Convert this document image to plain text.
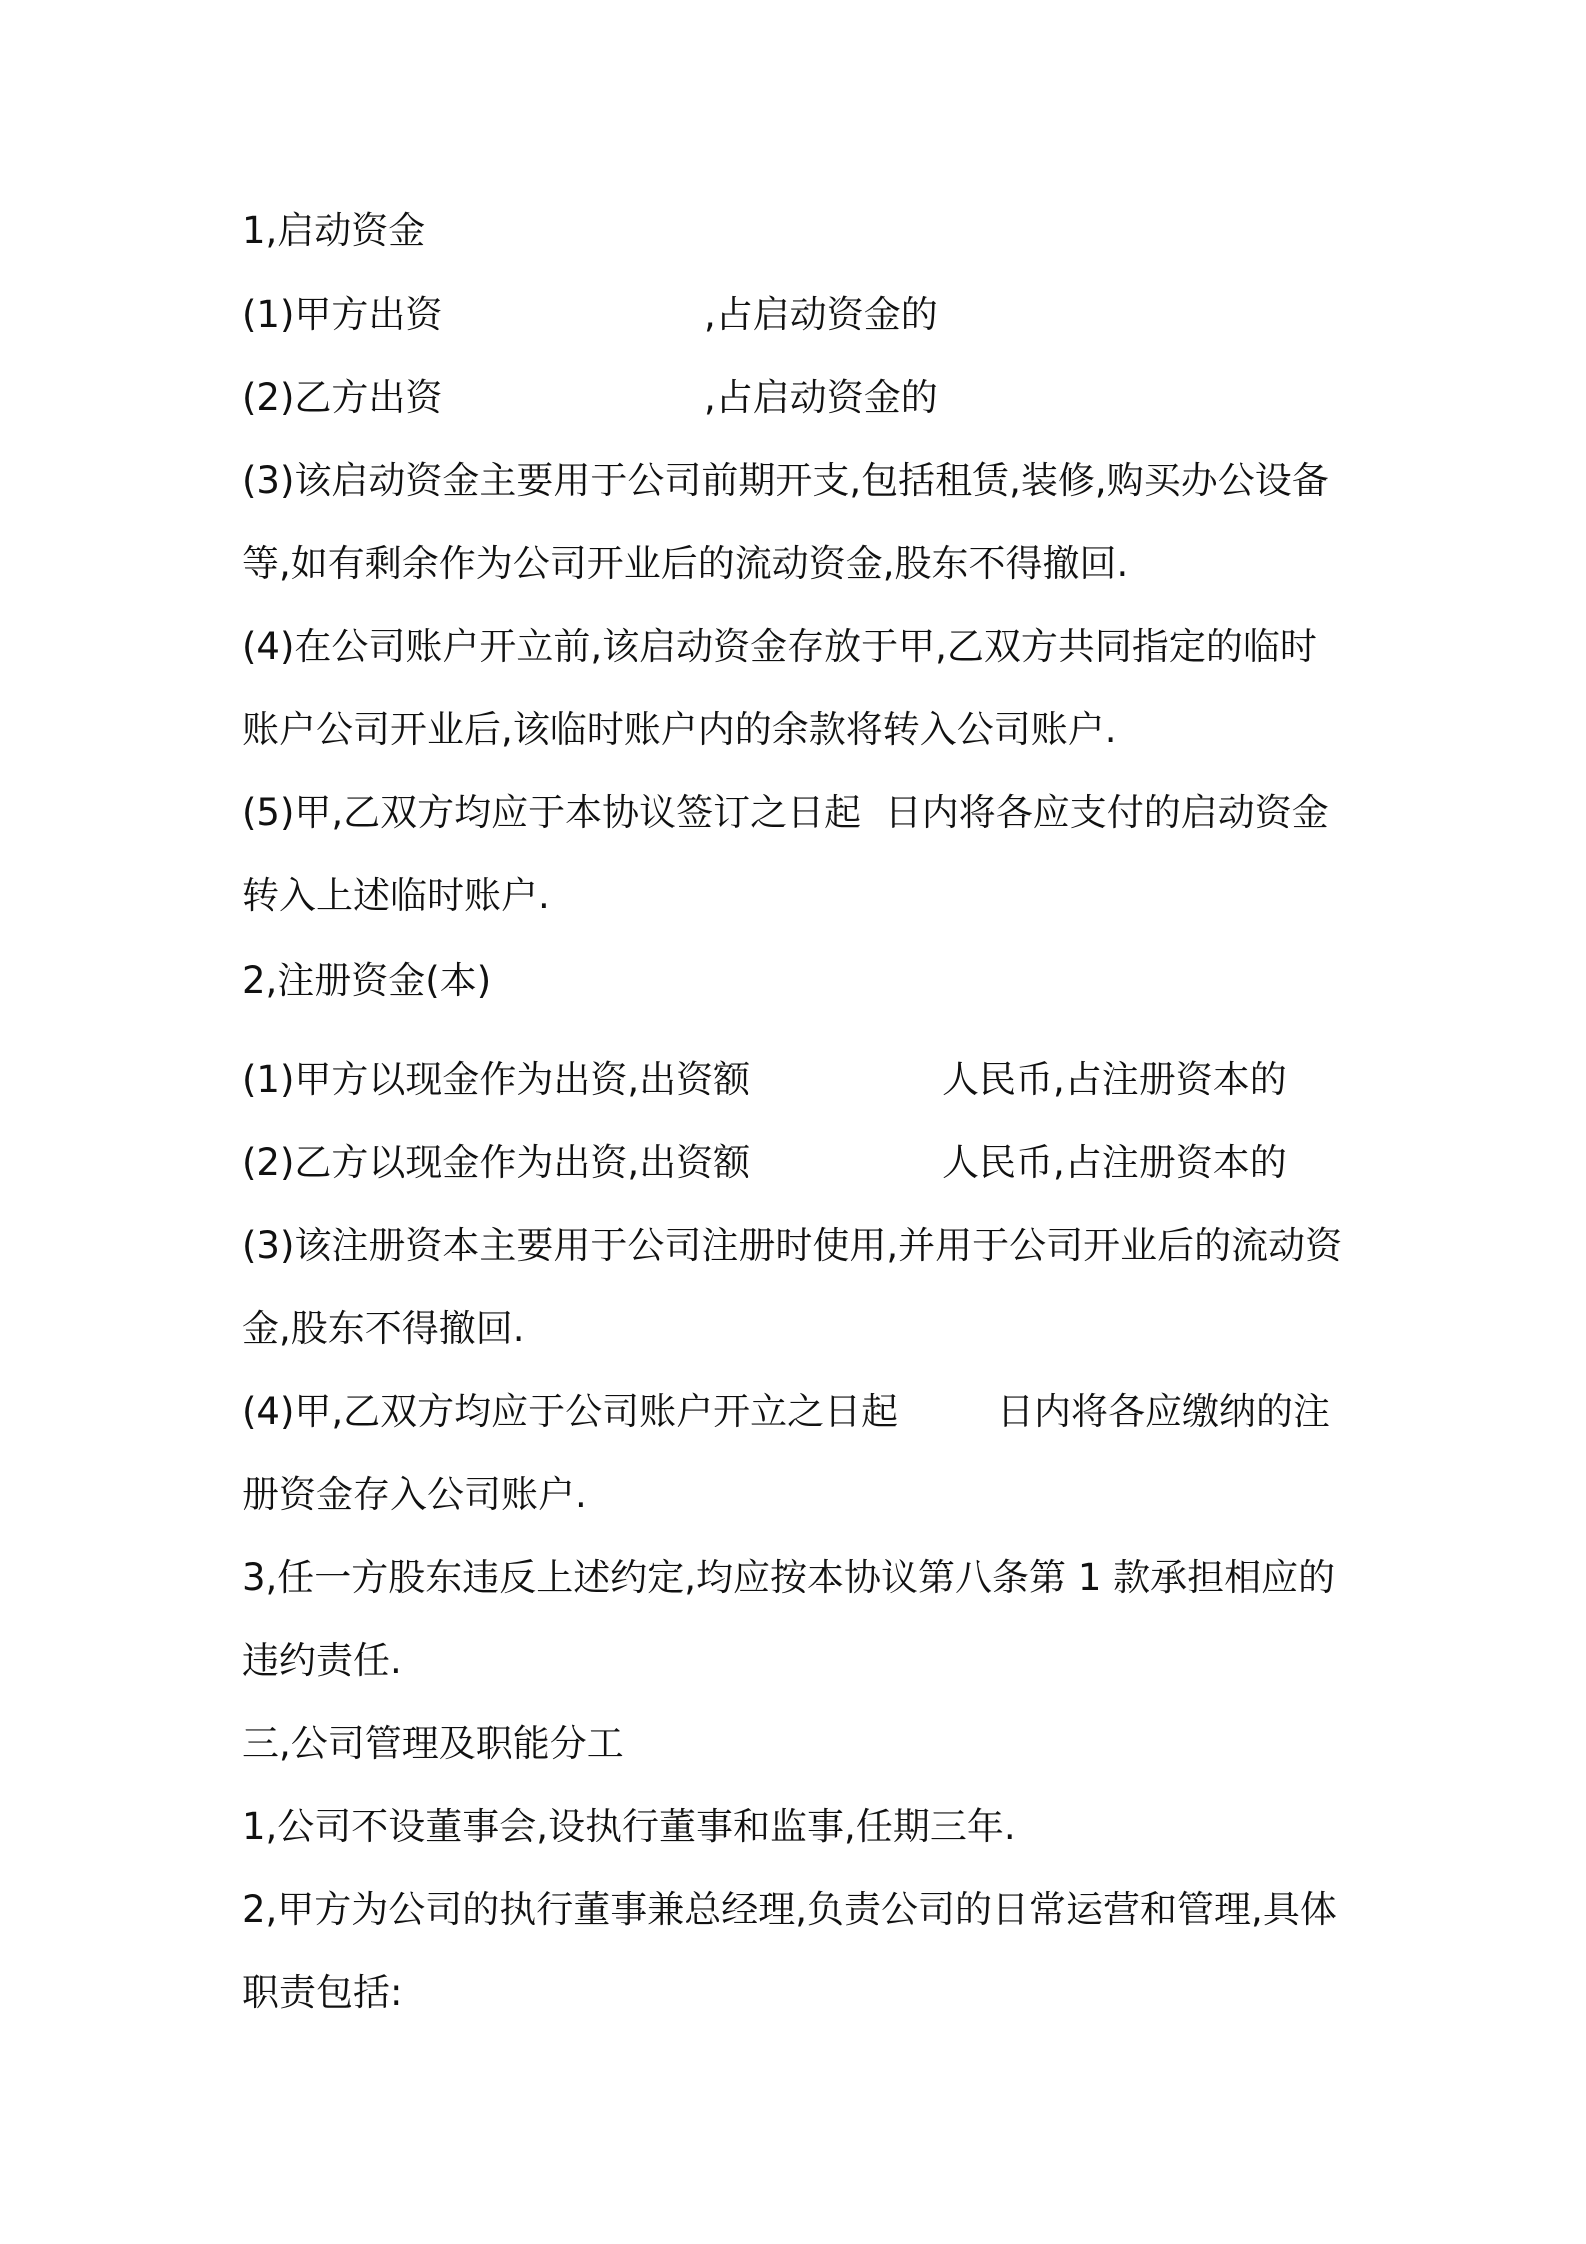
1,启动资金

(1)甲方出资

	,占启动资金的

(2)乙方出资

	,占启动资金的

(3)该启动资金主要用于公司前期开支,包括租赁,装修,购买办公设备

等,如有剩余作为公司开业后的流动资金,股东不得撤回.

(4)在公司账户开立前,该启动资金存放于甲,乙双方共同指定的临时

账户公司开业后,该临时账户内的余款将转入公司账户.

(5)甲,乙双方均应于本协议签订之日起  日内将各应支付的启动资金

转入上述临时账户.

2,注册资金(本)

(1)甲方以现金作为出资,出资额

	人民币,占注册资本的

(2)乙方以现金作为出资,出资额

	人民币,占注册资本的

(3)该注册资本主要用于公司注册时使用,并用于公司开业后的流动资

金,股东不得撤回.

(4)甲,乙双方均应于公司账户开立之日起

	日内将各应缴纳的注

册资金存入公司账户.

3,任一方股东违反上述约定,均应按本协议第八条第 1 款承担相应的

违约责任.

三,公司管理及职能分工

1,公司不设董事会,设执行董事和监事,任期三年.

2,甲方为公司的执行董事兼总经理,负责公司的日常运营和管理,具体

职责包括:
